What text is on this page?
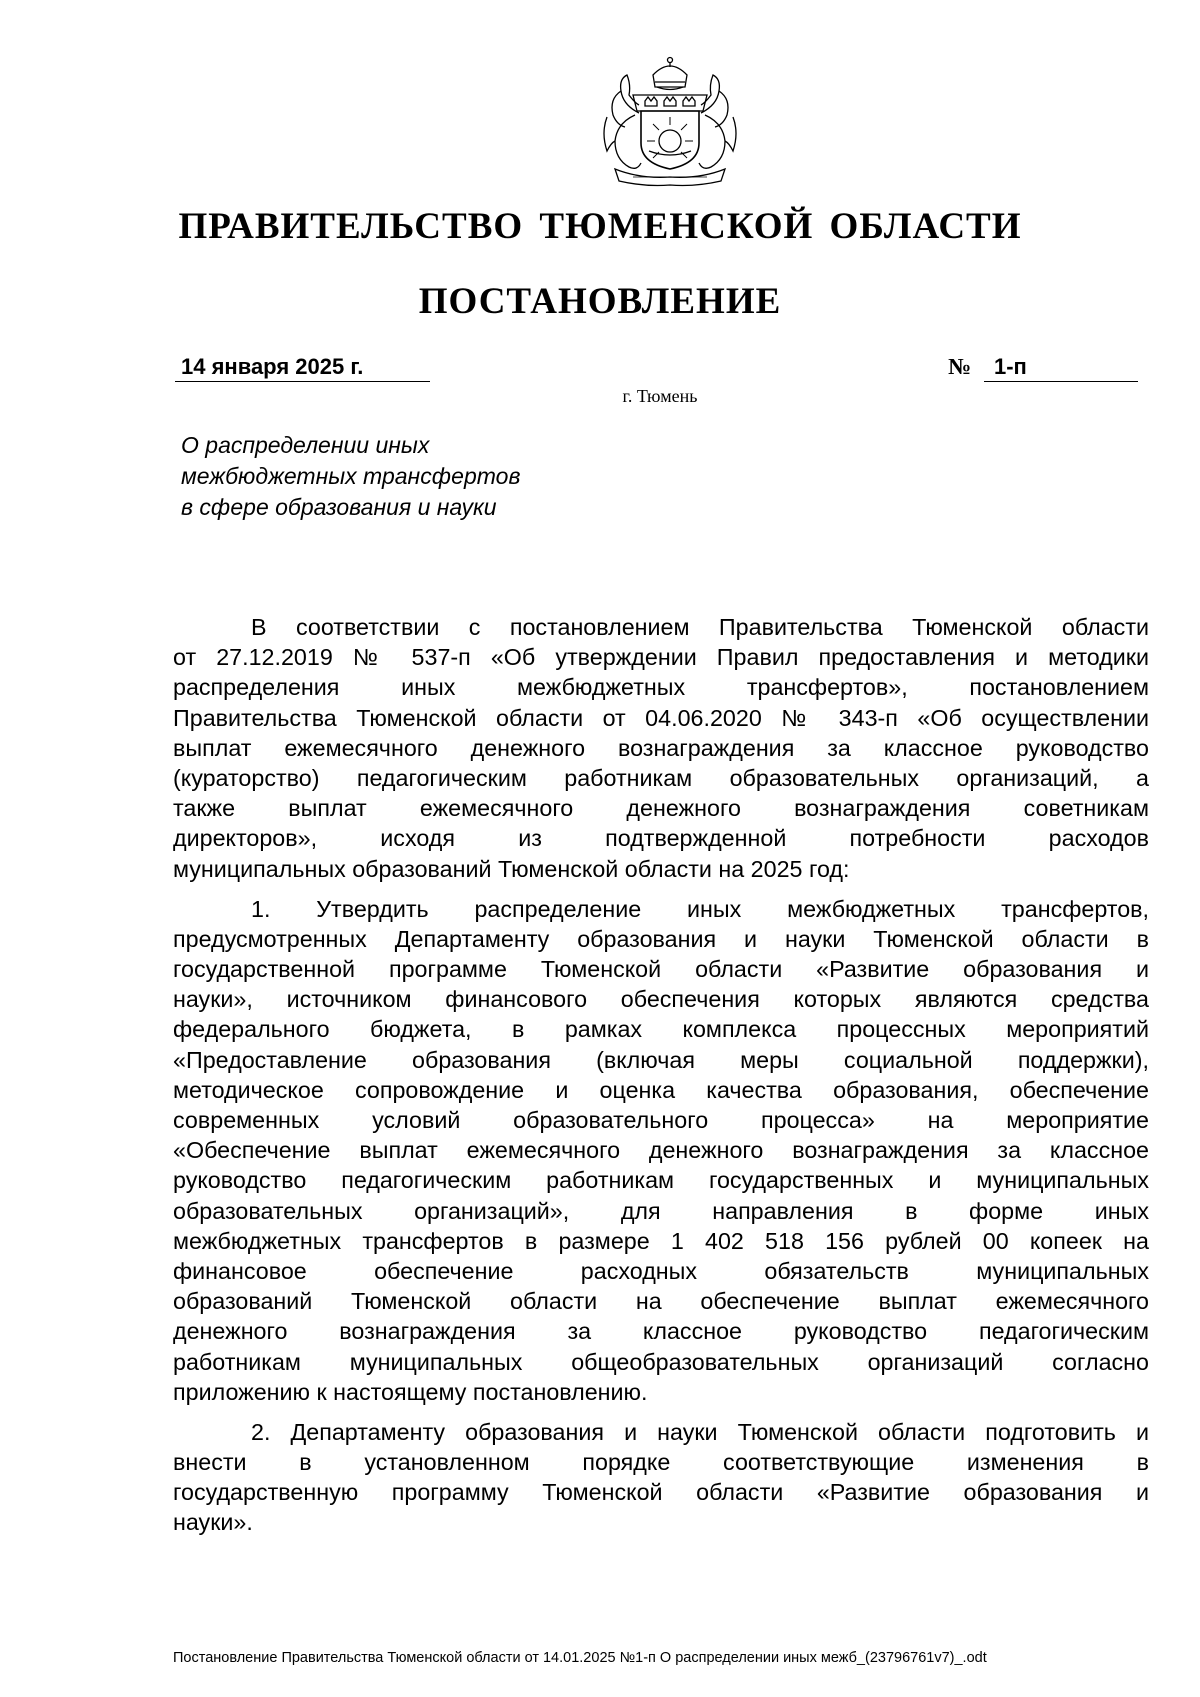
ПРАВИТЕЛЬСТВО ТЮМЕНСКОЙ ОБЛАСТИ
ПОСТАНОВЛЕНИЕ
14 января 2025 г.	№	1-п
г. Тюмень
О распределении иных
межбюджетных трансфертов
в сфере образования и науки
В соответствии с постановлением Правительства Тюменской области
от 27.12.2019 № 537-п «Об утверждении Правил предоставления и методики
распределения иных межбюджетных трансфертов», постановлением
Правительства Тюменской области от 04.06.2020 № 343-п «Об осуществлении
выплат ежемесячного денежного вознаграждения за классное руководство
(кураторство) педагогическим работникам образовательных организаций, а
также выплат ежемесячного денежного вознаграждения советникам
директоров», исходя из подтвержденной потребности расходов
муниципальных образований Тюменской области на 2025 год:
1. Утвердить распределение иных межбюджетных трансфертов,
предусмотренных Департаменту образования и науки Тюменской области в
государственной программе Тюменской области «Развитие образования и
науки», источником финансового обеспечения которых являются средства
федерального бюджета, в рамках комплекса процессных мероприятий
«Предоставление образования (включая меры социальной поддержки),
методическое сопровождение и оценка качества образования, обеспечение
современных условий образовательного процесса» на мероприятие
«Обеспечение выплат ежемесячного денежного вознаграждения за классное
руководство педагогическим работникам государственных и муниципальных
образовательных организаций», для направления в форме иных
межбюджетных трансфертов в размере 1 402 518 156 рублей 00 копеек на
финансовое обеспечение расходных обязательств муниципальных
образований Тюменской области на обеспечение выплат ежемесячного
денежного вознаграждения за классное руководство педагогическим
работникам муниципальных общеобразовательных организаций согласно
приложению к настоящему постановлению.
2. Департаменту образования и науки Тюменской области подготовить и
внести в установленном порядке соответствующие изменения в
государственную программу Тюменской области «Развитие образования и
науки».
Постановление Правительства Тюменской области от 14.01.2025 №1-п О распределении иных межб_(23796761v7)_.odt
